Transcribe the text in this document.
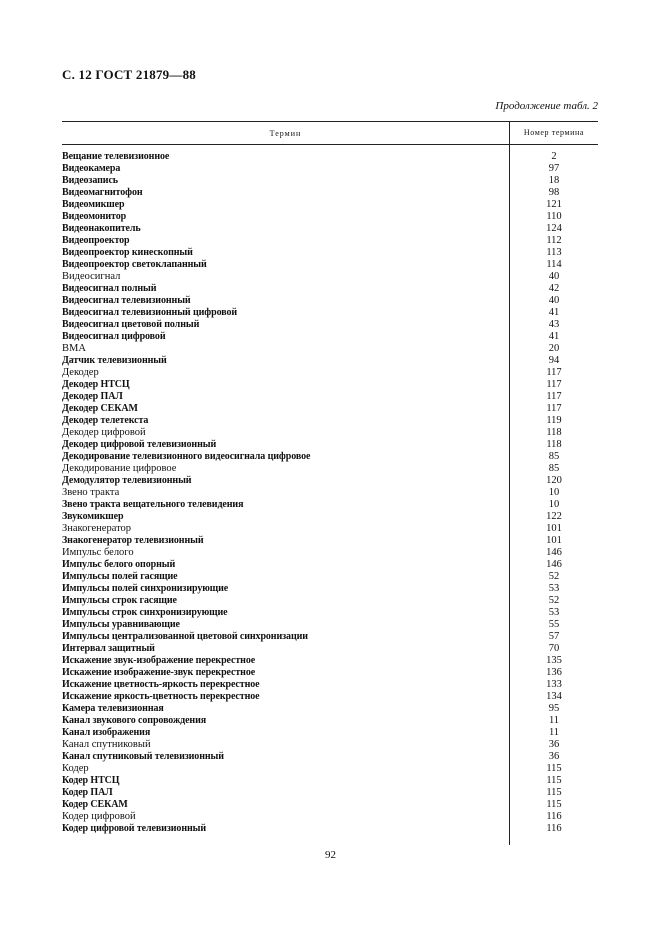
С. 12 ГОСТ 21879—88
Продолжение табл. 2
Термин	Номер термина
Вещание телевизионное	2
Видеокамера	97
Видеозапись	18
Видеомагнитофон	98
Видеомикшер	121
Видеомонитор	110
Видеонакопитель	124
Видеопроектор	112
Видеопроектор кинескопный	113
Видеопроектор светоклапанный	114
Видеосигнал	40
Видеосигнал полный	42
Видеосигнал телевизионный	40
Видеосигнал телевизионный цифровой	41
Видеосигнал цветовой полный	43
Видеосигнал цифровой	41
ВМА	20
Датчик телевизионный	94
Декодер	117
Декодер НТСЦ	117
Декодер ПАЛ	117
Декодер СЕКАМ	117
Декодер телетекста	119
Декодер цифровой	118
Декодер цифровой телевизионный	118
Декодирование телевизионного видеосигнала цифровое	85
Декодирование цифровое	85
Демодулятор телевизионный	120
Звено тракта	10
Звено тракта вещательного телевидения	10
Звукомикшер	122
Знакогенератор	101
Знакогенератор телевизионный	101
Импульс белого	146
Импульс белого опорный	146
Импульсы полей гасящие	52
Импульсы полей синхронизирующие	53
Импульсы строк гасящие	52
Импульсы строк синхронизирующие	53
Импульсы уравнивающие	55
Импульсы централизованной цветовой синхронизации	57
Интервал защитный	70
Искажение звук-изображение перекрестное	135
Искажение изображение-звук перекрестное	136
Искажение цветность-яркость перекрестное	133
Искажение яркость-цветность перекрестное	134
Камера телевизионная	95
Канал звукового сопровождения	11
Канал изображения	11
Канал спутниковый	36
Канал спутниковый телевизионный	36
Кодер	115
Кодер НТСЦ	115
Кодер ПАЛ	115
Кодер СЕКАМ	115
Кодер цифровой	116
Кодер цифровой телевизионный	116
92
